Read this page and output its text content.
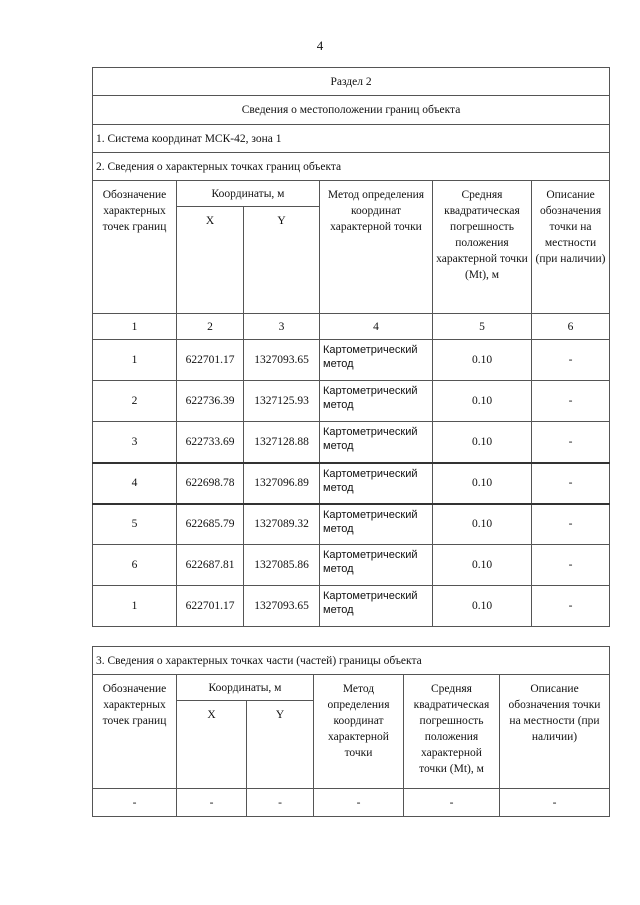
4
Раздел 2					
Сведения о местоположении границ объекта					
1. Система координат МСК-42, зона 1					
2. Сведения о характерных точках границ объекта					
Обозначение характерных точек границ	Координаты, м		Метод определения координат характерной точки	Средняя квадратическая погрешность положения характерной точки (Mt), м	Описание обозначения точки на местности (при наличии)
	X	Y			
1	2	3	4	5	6
1	622701.17	1327093.65	Картометрический метод	0.10	-
2	622736.39	1327125.93	Картометрический метод	0.10	-
3	622733.69	1327128.88	Картометрический метод	0.10	-
4	622698.78	1327096.89	Картометрический метод	0.10	-
5	622685.79	1327089.32	Картометрический метод	0.10	-
6	622687.81	1327085.86	Картометрический метод	0.10	-
1	622701.17	1327093.65	Картометрический метод	0.10	-
3. Сведения о характерных точках части (частей) границы объекта					
Обозначение характерных точек границ	Координаты, м		Метод определения координат характерной точки	Средняя квадратическая погрешность положения характерной точки (Mt), м	Описание обозначения точки на местности (при наличии)
	X	Y			
-	-	-	-	-	-
